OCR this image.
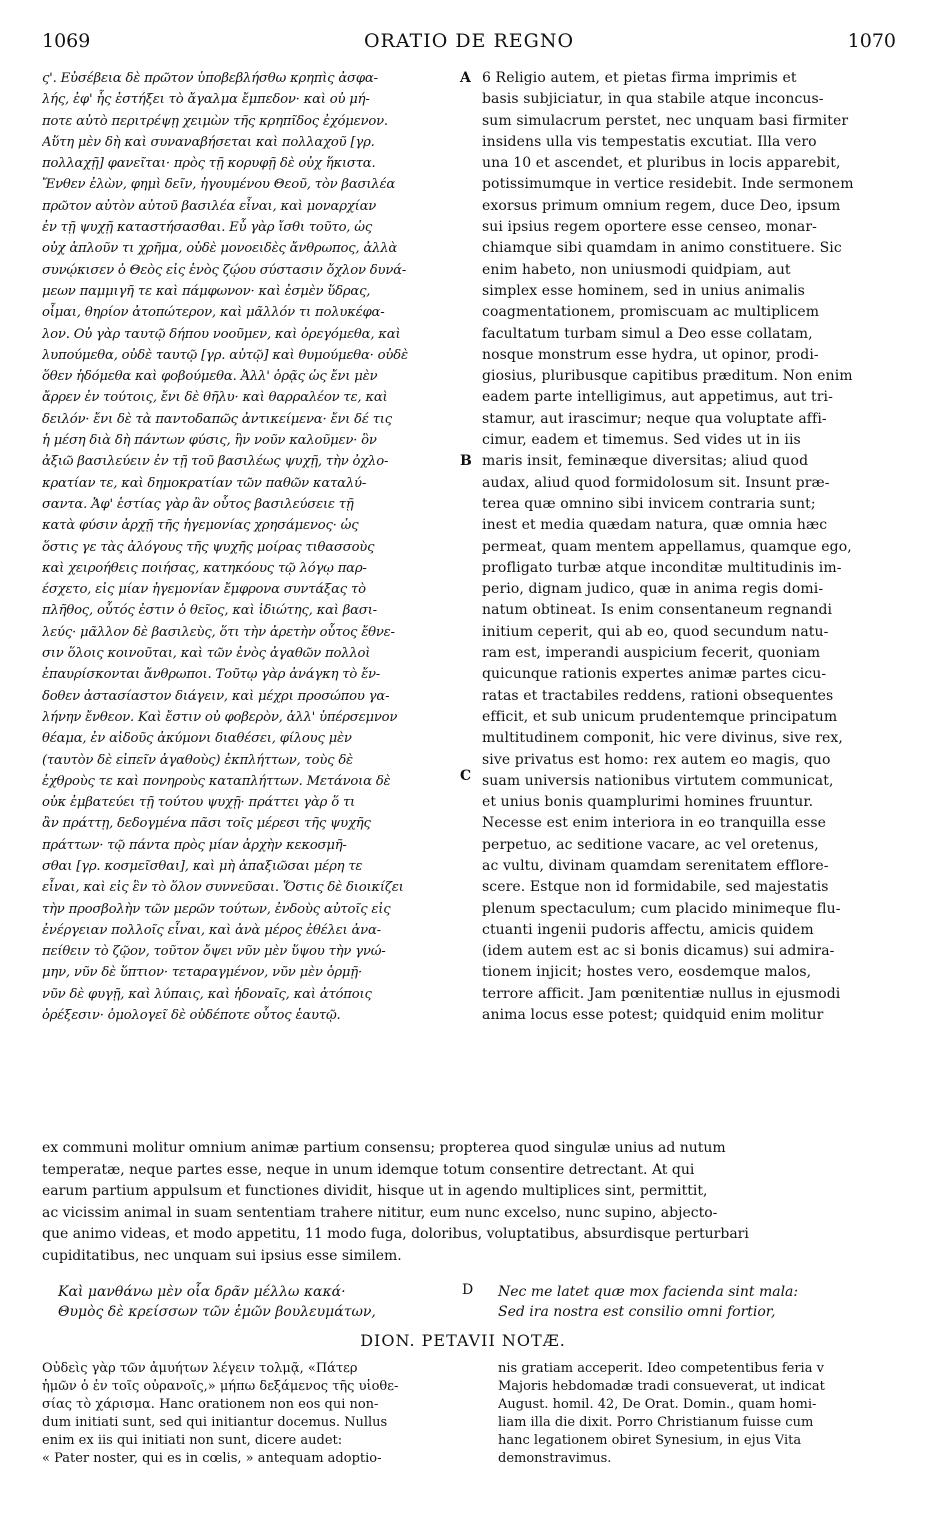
1069	ORATIO DE REGNO	1070
ς'. Εὐσέβεια δὲ πρῶτον ὑποβεβλήσθω κρηπὶς ἀσφα-
λής, ἐφ' ἧς ἑστήξει τὸ ἄγαλμα ἔμπεδον· καὶ οὐ μή-
ποτε αὐτὸ περιτρέψῃ χειμὼν τῆς κρηπῖδος ἐχόμενον.
Αὕτη μὲν δὴ καὶ συναναβήσεται καὶ πολλαχοῦ [γρ.
πολλαχῇ] φανεῖται· πρὸς τῇ κορυφῇ δὲ οὐχ ἥκιστα.
Ἔνθεν ἐλὼν, φημὶ δεῖν, ἡγουμένου Θεοῦ, τὸν βασιλέα
πρῶτον αὐτὸν αὐτοῦ βασιλέα εἶναι, καὶ μοναρχίαν
ἐν τῇ ψυχῇ καταστήσασθαι. Εὖ γὰρ ἴσθι τοῦτο, ὡς
οὐχ ἁπλοῦν τι χρῆμα, οὐδὲ μονοειδὲς ἄνθρωπος, ἀλλὰ
συνῴκισεν ὁ Θεὸς εἰς ἑνὸς ζῴου σύστασιν ὄχλον δυνά-
μεων παμμιγῆ τε καὶ πάμφωνον· καὶ ἐσμὲν ὕδρας,
οἶμαι, θηρίον ἀτοπώτερον, καὶ μᾶλλόν τι πολυκέφα-
λον. Οὐ γὰρ ταυτῷ δήπου νοοῦμεν, καὶ ὀρεγόμεθα, καὶ
λυπούμεθα, οὐδὲ ταυτῷ [γρ. αὐτῷ] καὶ θυμούμεθα· οὐδὲ
ὅθεν ἡδόμεθα καὶ φοβούμεθα. Ἀλλ' ὁρᾷς ὡς ἔνι μὲν
ἄρρεν ἐν τούτοις, ἔνι δὲ θῆλυ· καὶ θαρραλέον τε, καὶ
δειλόν· ἔνι δὲ τὰ παντοδαπῶς ἀντικείμενα· ἔνι δέ τις
ἡ μέση διὰ δὴ πάντων φύσις, ἣν νοῦν καλοῦμεν· ὃν
ἀξιῶ βασιλεύειν ἐν τῇ τοῦ βασιλέως ψυχῇ, τὴν ὀχλο-
κρατίαν τε, καὶ δημοκρατίαν τῶν παθῶν καταλύ-
σαντα. Ἀφ' ἑστίας γὰρ ἂν οὗτος βασιλεύσειε τῇ
κατὰ φύσιν ἀρχῇ τῆς ἡγεμονίας χρησάμενος· ὡς
ὅστις γε τὰς ἀλόγους τῆς ψυχῆς μοίρας τιθασσοὺς
καὶ χειροήθεις ποιήσας, κατηκόους τῷ λόγῳ παρ-
έσχετο, εἰς μίαν ἡγεμονίαν ἔμφρονα συντάξας τὸ
πλῆθος, οὗτός ἐστιν ὁ θεῖος, καὶ ἰδιώτης, καὶ βασι-
λεύς· μᾶλλον δὲ βασιλεὺς, ὅτι τὴν ἀρετὴν οὗτος ἔθνε-
σιν ὅλοις κοινοῦται, καὶ τῶν ἑνὸς ἀγαθῶν πολλοὶ
ἐπαυρίσκονται ἄνθρωποι. Τοῦτῳ γὰρ ἀνάγκη τὸ ἔν-
δοθεν ἀστασίαστον διάγειν, καὶ μέχρι προσώπου γα-
λήνην ἔνθεον. Καὶ ἔστιν οὐ φοβερὸν, ἀλλ' ὑπέρσεμνον
θέαμα, ἐν αἰδοῦς ἀκύμονι διαθέσει, φίλους μὲν
(ταυτὸν δὲ εἰπεῖν ἀγαθοὺς) ἐκπλήττων, τοὺς δὲ
ἐχθροὺς τε καὶ πονηροὺς καταπλήττων. Μετάνοια δὲ
οὐκ ἐμβατεύει τῇ τούτου ψυχῇ· πράττει γὰρ ὅ τι
ἂν πράττῃ, δεδογμένα πᾶσι τοῖς μέρεσι τῆς ψυχῆς
πράττων· τῷ πάντα πρὸς μίαν ἀρχὴν κεκοσμῆ-
σθαι [γρ. κοσμεῖσθαι], καὶ μὴ ἀπαξιῶσαι μέρη τε
εἶναι, καὶ εἰς ἓν τὸ ὅλον συννεῦσαι. Ὅστις δὲ διοικίζει
τὴν προσβολὴν τῶν μερῶν τούτων, ἐνδοὺς αὐτοῖς εἰς
ἐνέργειαν πολλοῖς εἶναι, καὶ ἀνὰ μέρος ἐθέλει ἀνα-
πείθειν τὸ ζῷον, τοῦτον ὄψει νῦν μὲν ὕψου τὴν γνώ-
μην, νῦν δὲ ὕπτιον· τεταραγμένον, νῦν μὲν ὁρμῇ·
νῦν δὲ φυγῇ, καὶ λύπαις, καὶ ἡδοναῖς, καὶ ἀτόποις
ὀρέξεσιν· ὁμολογεῖ δὲ οὐδέποτε οὗτος ἑαυτῷ.
A
B
C
6 Religio autem, et pietas firma imprimis et
basis subjiciatur, in qua stabile atque inconcus-
sum simulacrum perstet, nec unquam basi firmiter
insidens ulla vis tempestatis excutiat. Illa vero
una 10 et ascendet, et pluribus in locis apparebit,
potissimumque in vertice residebit. Inde sermonem
exorsus primum omnium regem, duce Deo, ipsum
sui ipsius regem oportere esse censeo, monar-
chiamque sibi quamdam in animo constituere. Sic
enim habeto, non uniusmodi quidpiam, aut
simplex esse hominem, sed in unius animalis
coagmentationem, promiscuam ac multiplicem
facultatum turbam simul a Deo esse collatam,
nosque monstrum esse hydra, ut opinor, prodi-
giosius, pluribusque capitibus præditum. Non enim
eadem parte intelligimus, aut appetimus, aut tri-
stamur, aut irascimur; neque qua voluptate affi-
cimur, eadem et timemus. Sed vides ut in iis
maris insit, feminæque diversitas; aliud quod
audax, aliud quod formidolosum sit. Insunt præ-
terea quæ omnino sibi invicem contraria sunt;
inest et media quædam natura, quæ omnia hæc
permeat, quam mentem appellamus, quamque ego,
profligato turbæ atque inconditæ multitudinis im-
perio, dignam judico, quæ in anima regis domi-
natum obtineat. Is enim consentaneum regnandi
initium ceperit, qui ab eo, quod secundum natu-
ram est, imperandi auspicium fecerit, quoniam
quicunque rationis expertes animæ partes cicu-
ratas et tractabiles reddens, rationi obsequentes
efficit, et sub unicum prudentemque principatum
multitudinem componit, hic vere divinus, sive rex,
sive privatus est homo: rex autem eo magis, quo
suam universis nationibus virtutem communicat,
et unius bonis quamplurimi homines fruuntur.
Necesse est enim interiora in eo tranquilla esse
perpetuo, ac seditione vacare, ac vel oretenus,
ac vultu, divinam quamdam serenitatem efflore-
scere. Estque non id formidabile, sed majestatis
plenum spectaculum; cum placido minimeque flu-
ctuanti ingenii pudoris affectu, amicis quidem
(idem autem est ac si bonis dicamus) sui admira-
tionem injicit; hostes vero, eosdemque malos,
terrore afficit. Jam pœnitentiæ nullus in ejusmodi
anima locus esse potest; quidquid enim molitur
ex communi molitur omnium animæ partium consensu; propterea quod singulæ unius ad nutum
temperatæ, neque partes esse, neque in unum idemque totum consentire detrectant. At qui
earum partium appulsum et functiones dividit, hisque ut in agendo multiplices sint, permittit,
ac vicissim animal in suam sententiam trahere nititur, eum nunc excelso, nunc supino, abjecto-
que animo videas, et modo appetitu, 11 modo fuga, doloribus, voluptatibus, absurdisque perturbari
cupiditatibus, nec unquam sui ipsius esse similem.
Καὶ μανθάνω μὲν οἷα δρᾶν μέλλω κακά·
Θυμὸς δὲ κρείσσων τῶν ἐμῶν βουλευμάτων,
D Nec me latet quæ mox facienda sint mala:
Sed ira nostra est consilio omni fortior,
DION. PETAVII NOTÆ.
Οὐδεὶς γὰρ τῶν ἀμυήτων λέγειν τολμᾷ, «Πάτερ
ἡμῶν ὁ ἐν τοῖς οὐρανοῖς,» μήπω δεξάμενος τῆς υἱοθε-
σίας τὸ χάρισμα. Hanc orationem non eos qui non-
dum initiati sunt, sed qui initiantur docemus. Nullus
enim ex iis qui initiati non sunt, dicere audet:
« Pater noster, qui es in cœlis, » antequam adoptio-
nis gratiam acceperit. Ideo competentibus feria v
Majoris hebdomadæ tradi consueverat, ut indicat
August. homil. 42, De Orat. Domin., quam homi-
liam illa die dixit. Porro Christianum fuisse cum
hanc legationem obiret Synesium, in ejus Vita
demonstravimus.
